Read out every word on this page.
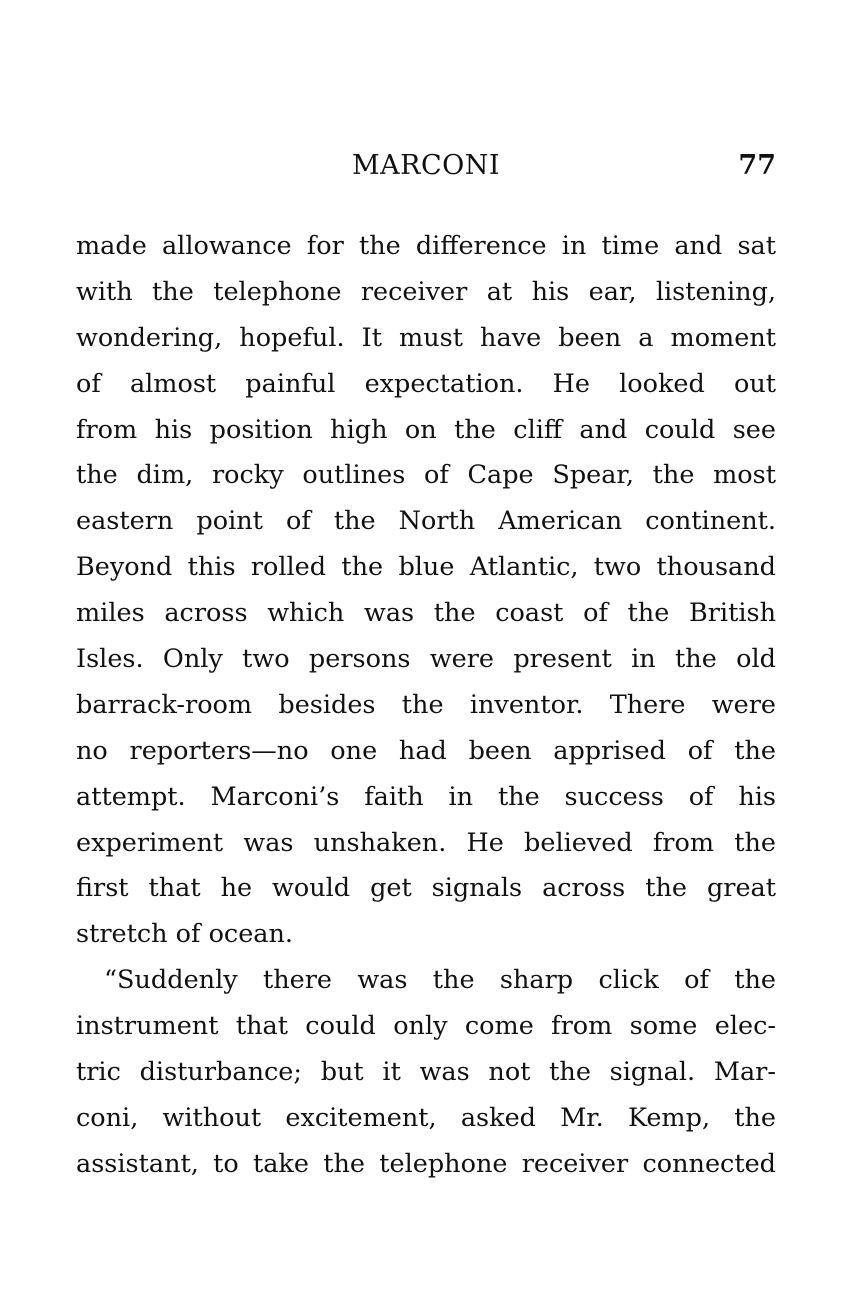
MARCONI	77
made allowance for the difference in time and sat
with the telephone receiver at his ear, listening,
wondering, hopeful. It must have been a moment
of almost painful expectation. He looked out
from his position high on the cliff and could see
the dim, rocky outlines of Cape Spear, the most
eastern point of the North American continent.
Beyond this rolled the blue Atlantic, two thousand
miles across which was the coast of the British
Isles. Only two persons were present in the old
barrack-room besides the inventor. There were
no reporters—no one had been apprised of the
attempt. Marconi’s faith in the success of his
experiment was unshaken. He believed from the
first that he would get signals across the great
stretch of ocean.
“Suddenly there was the sharp click of the
instrument that could only come from some elec-
tric disturbance; but it was not the signal. Mar-
coni, without excitement, asked Mr. Kemp, the
assistant, to take the telephone receiver connected
